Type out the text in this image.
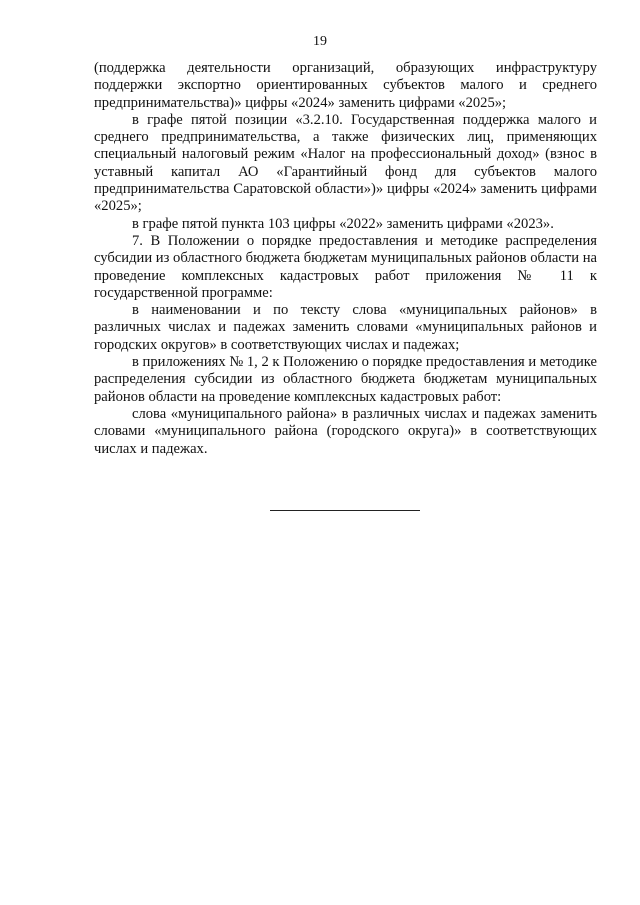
19

(поддержка деятельности организаций, образующих инфраструктуру поддержки экспортно ориентированных субъектов малого и среднего предпринимательства)» цифры «2024» заменить цифрами «2025»;

в графе пятой позиции «3.2.10. Государственная поддержка малого и среднего предпринимательства, а также физических лиц, применяющих специальный налоговый режим «Налог на профессиональный доход» (взнос в уставный капитал АО «Гарантийный фонд для субъектов малого предпринимательства Саратовской области»)» цифры «2024» заменить цифрами «2025»;

в графе пятой пункта 103 цифры «2022» заменить цифрами «2023».

7. В Положении о порядке предоставления и методике распределения субсидии из областного бюджета бюджетам муниципальных районов области на проведение комплексных кадастровых работ приложения № 11 к государственной программе:

в наименовании и по тексту слова «муниципальных районов» в различных числах и падежах заменить словами «муниципальных районов и городских округов» в соответствующих числах и падежах;

в приложениях № 1, 2 к Положению о порядке предоставления и методике распределения субсидии из областного бюджета бюджетам муниципальных районов области на проведение комплексных кадастровых работ:

слова «муниципального района» в различных числах и падежах заменить словами «муниципального района (городского округа)» в соответствующих числах и падежах.
